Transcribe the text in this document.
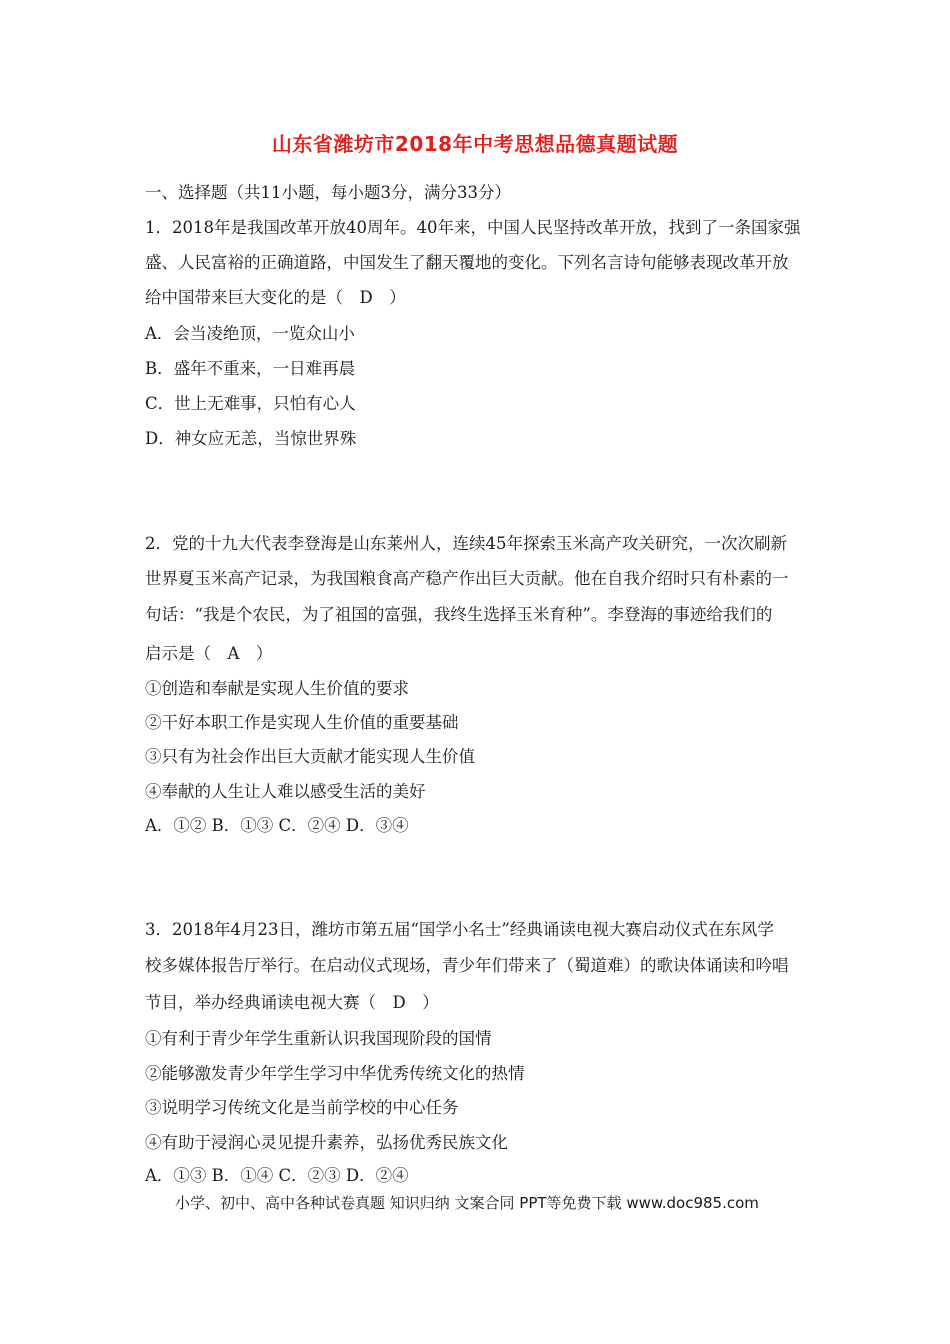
山东省潍坊市2018年中考思想品德真题试题
一、选择题（共11小题，每小题3分，满分33分）
1．2018年是我国改革开放40周年。40年来，中国人民坚持改革开放，找到了一条国家强
盛、人民富裕的正确道路，中国发生了翻天覆地的变化。下列名言诗句能够表现改革开放
给中国带来巨大变化的是（　D　）
A．会当凌绝顶，一览众山小
B．盛年不重来，一日难再晨
C．世上无难事，只怕有心人
D．神女应无恙，当惊世界殊
2．党的十九大代表李登海是山东莱州人，连续45年探索玉米高产攻关研究，一次次刷新
世界夏玉米高产记录，为我国粮食高产稳产作出巨大贡献。他在自我介绍时只有朴素的一
句话：“我是个农民，为了祖国的富强，我终生选择玉米育种”。李登海的事迹给我们的
启示是（　A　）
①创造和奉献是实现人生价值的要求
②干好本职工作是实现人生价值的重要基础
③只有为社会作出巨大贡献才能实现人生价值
④奉献的人生让人难以感受生活的美好
A．①② B．①③ C．②④ D．③④
3．2018年4月23日，潍坊市第五届“国学小名士”经典诵读电视大赛启动仪式在东风学
校多媒体报告厅举行。在启动仪式现场，青少年们带来了（蜀道难）的歌诀体诵读和吟唱
节目，举办经典诵读电视大赛（　D　）
①有利于青少年学生重新认识我国现阶段的国情
②能够激发青少年学生学习中华优秀传统文化的热情
③说明学习传统文化是当前学校的中心任务
④有助于浸润心灵见提升素养，弘扬优秀民族文化
A．①③ B．①④ C．②③ D．②④
小学、初中、高中各种试卷真题 知识归纳 文案合同 PPT等免费下载 www.doc985.com
